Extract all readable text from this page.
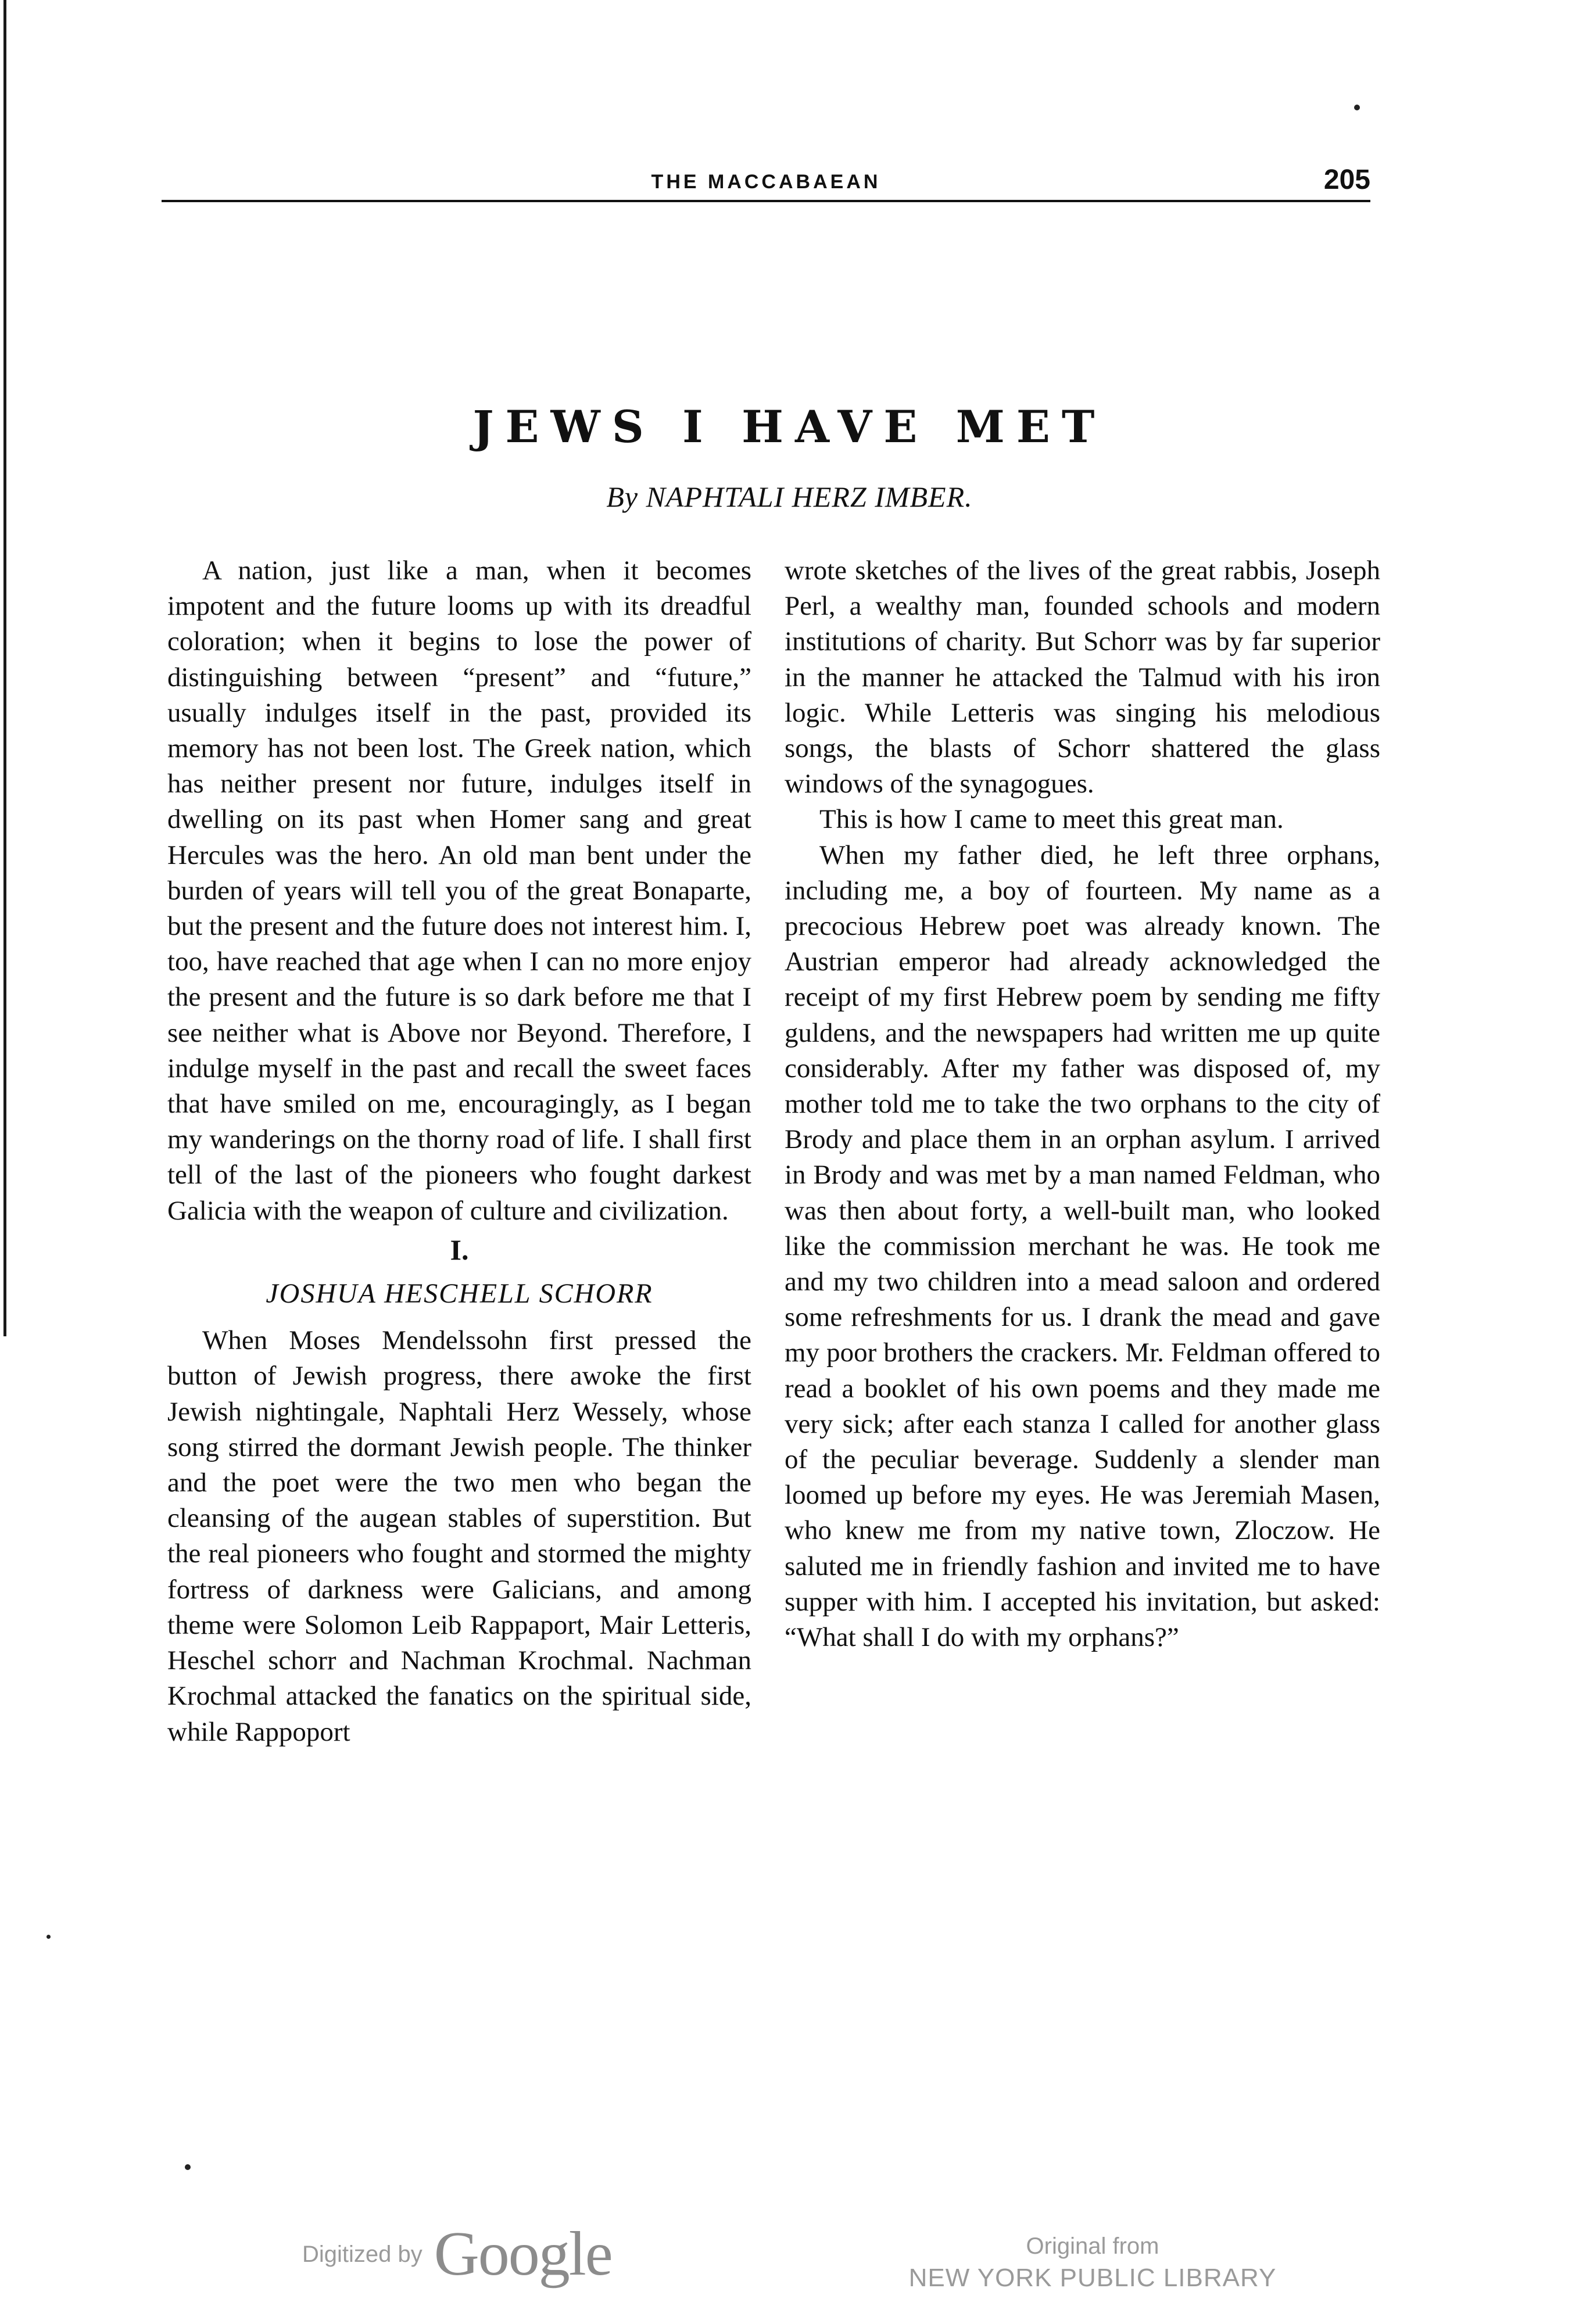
THE MACCABAEAN	205
JEWS I HAVE MET
By NAPHTALI HERZ IMBER.

A nation, just like a man, when it becomes impotent and the future looms up with its dreadful coloration; when it begins to lose the power of distinguishing between “present” and “future,” usually indulges itself in the past, provided its memory has not been lost. The Greek nation, which has neither present nor future, indulges itself in dwelling on its past when Homer sang and great Hercules was the hero. An old man bent under the burden of years will tell you of the great Bonaparte, but the present and the future does not interest him. I, too, have reached that age when I can no more enjoy the present and the future is so dark before me that I see neither what is Above nor Beyond. Therefore, I indulge myself in the past and recall the sweet faces that have smiled on me, encouragingly, as I began my wanderings on the thorny road of life. I shall first tell of the last of the pioneers who fought darkest Galicia with the weapon of culture and civilization.

I.
JOSHUA HESCHELL SCHORR

When Moses Mendelssohn first pressed the button of Jewish progress, there awoke the first Jewish nightingale, Naphtali Herz Wessely, whose song stirred the dormant Jewish people. The thinker and the poet were the two men who began the cleansing of the augean stables of superstition. But the real pioneers who fought and stormed the mighty fortress of darkness were Galicians, and among theme were Solomon Leib Rappaport, Mair Letteris, Heschel schorr and Nachman Krochmal. Nachman Krochmal attacked the fanatics on the spiritual side, while Rappoport

wrote sketches of the lives of the great rabbis, Joseph Perl, a wealthy man, founded schools and modern institutions of charity. But Schorr was by far superior in the manner he attacked the Talmud with his iron logic. While Letteris was singing his melodious songs, the blasts of Schorr shattered the glass windows of the synagogues.

This is how I came to meet this great man.

When my father died, he left three orphans, including me, a boy of fourteen. My name as a precocious Hebrew poet was already known. The Austrian emperor had already acknowledged the receipt of my first Hebrew poem by sending me fifty guldens, and the newspapers had written me up quite considerably. After my father was disposed of, my mother told me to take the two orphans to the city of Brody and place them in an orphan asylum. I arrived in Brody and was met by a man named Feldman, who was then about forty, a well-built man, who looked like the commission merchant he was. He took me and my two children into a mead saloon and ordered some refreshments for us. I drank the mead and gave my poor brothers the crackers. Mr. Feldman offered to read a booklet of his own poems and they made me very sick; after each stanza I called for another glass of the peculiar beverage. Suddenly a slender man loomed up before my eyes. He was Jeremiah Masen, who knew me from my native town, Zloczow. He saluted me in friendly fashion and invited me to have supper with him. I accepted his invitation, but asked: “What shall I do with my orphans?”

Digitized by Google	Original from
NEW YORK PUBLIC LIBRARY
